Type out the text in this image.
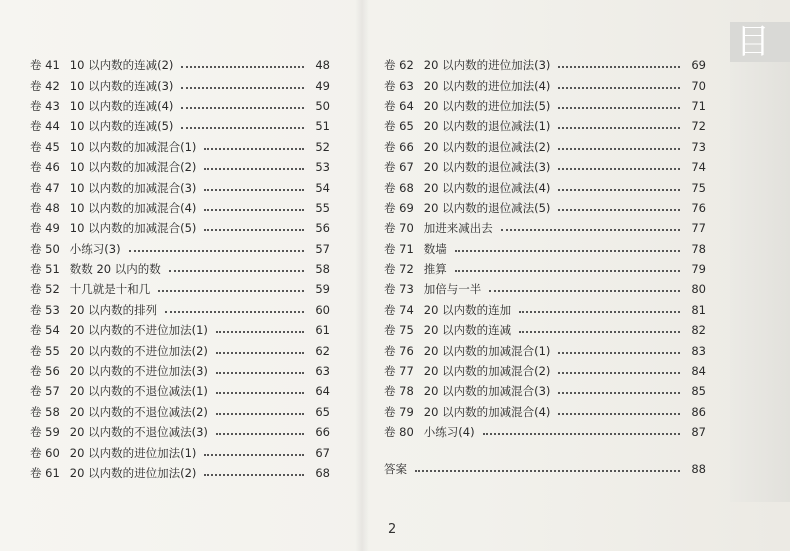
卷 41 10 以内数的连减(2)	48
卷 42 10 以内数的连减(3)	49
卷 43 10 以内数的连减(4)	50
卷 44 10 以内数的连减(5)	51
卷 45 10 以内数的加减混合(1)	52
卷 46 10 以内数的加减混合(2)	53
卷 47 10 以内数的加减混合(3)	54
卷 48 10 以内数的加减混合(4)	55
卷 49 10 以内数的加减混合(5)	56
卷 50 小练习(3)	57
卷 51 数数 20 以内的数	58
卷 52 十几就是十和几	59
卷 53 20 以内数的排列	60
卷 54 20 以内数的不进位加法(1)	61
卷 55 20 以内数的不进位加法(2)	62
卷 56 20 以内数的不进位加法(3)	63
卷 57 20 以内数的不退位减法(1)	64
卷 58 20 以内数的不退位减法(2)	65
卷 59 20 以内数的不退位减法(3)	66
卷 60 20 以内数的进位加法(1)	67
卷 61 20 以内数的进位加法(2)	68
卷 62 20 以内数的进位加法(3)	69
卷 63 20 以内数的进位加法(4)	70
卷 64 20 以内数的进位加法(5)	71
卷 65 20 以内数的退位减法(1)	72
卷 66 20 以内数的退位减法(2)	73
卷 67 20 以内数的退位减法(3)	74
卷 68 20 以内数的退位减法(4)	75
卷 69 20 以内数的退位减法(5)	76
卷 70 加进来减出去	77
卷 71 数墙	78
卷 72 推算	79
卷 73 加倍与一半	80
卷 74 20 以内数的连加	81
卷 75 20 以内数的连减	82
卷 76 20 以内数的加减混合(1)	83
卷 77 20 以内数的加减混合(2)	84
卷 78 20 以内数的加减混合(3)	85
卷 79 20 以内数的加减混合(4)	86
卷 80 小练习(4)	87
答案	88
目
2
